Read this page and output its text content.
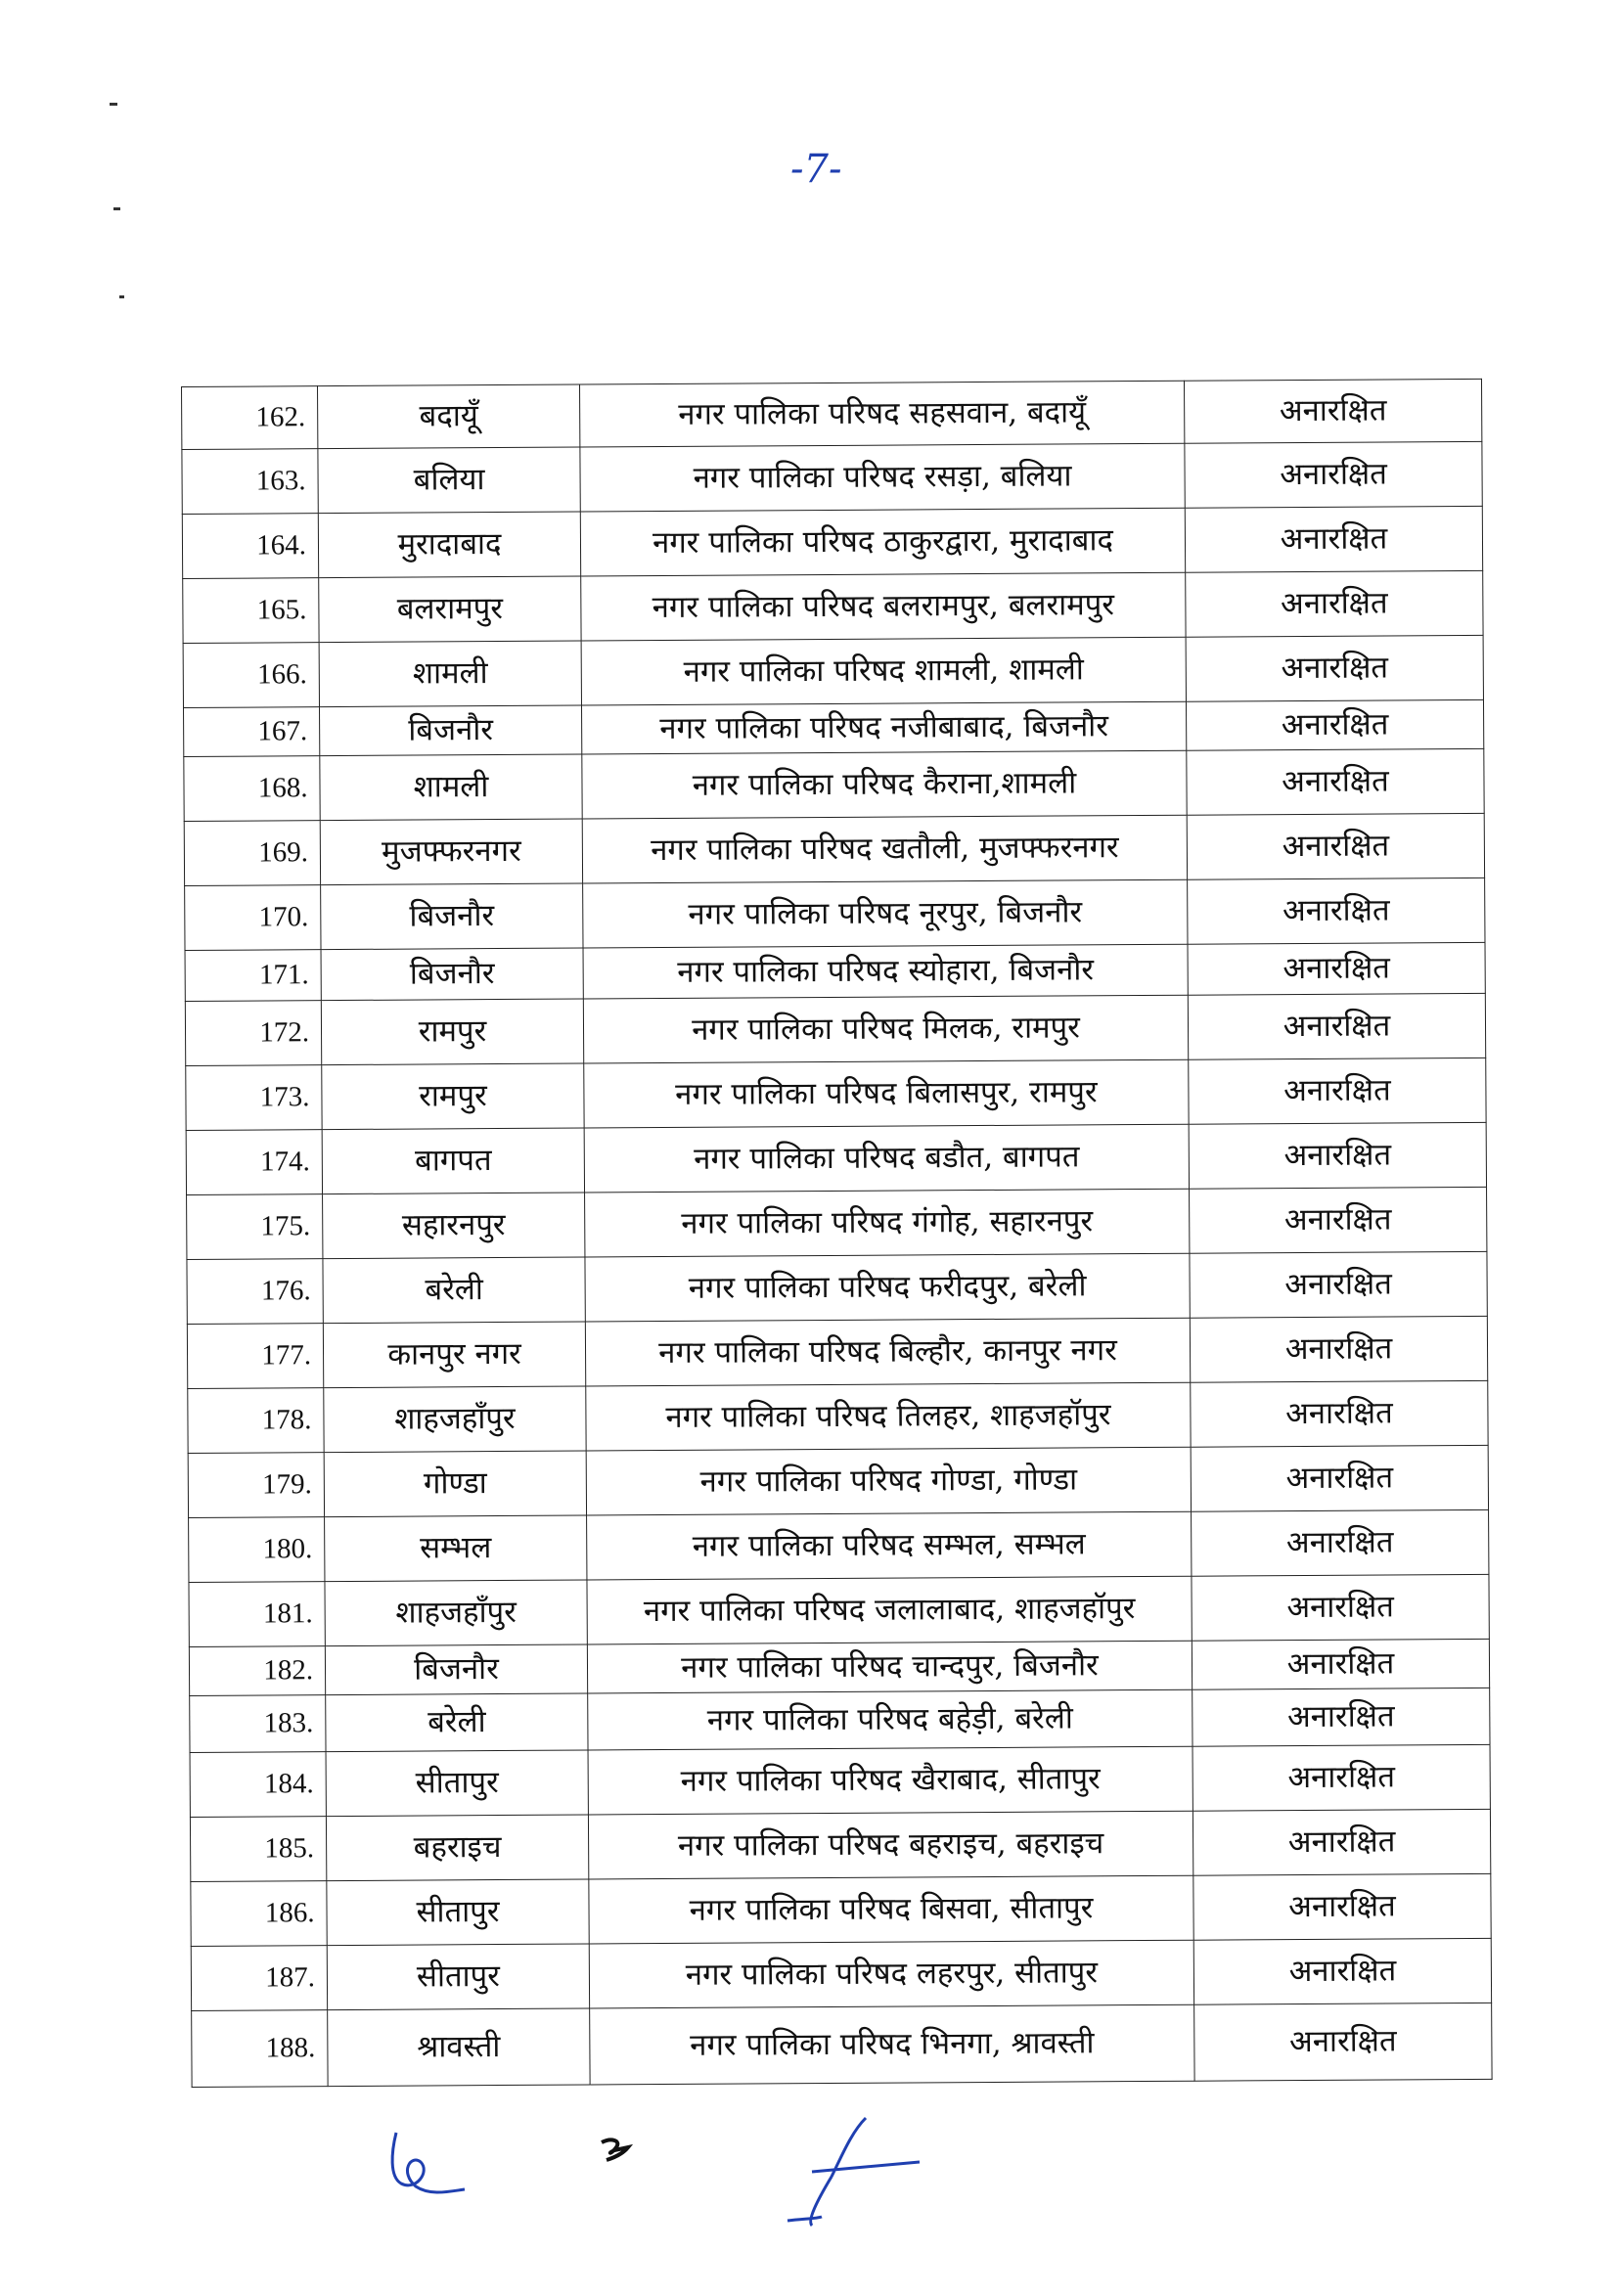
-7-
162.	बदायूँ	नगर पालिका परिषद सहसवान, बदायूँ	अनारक्षित
163.	बलिया	नगर पालिका परिषद रसड़ा, बलिया	अनारक्षित
164.	मुरादाबाद	नगर पालिका परिषद ठाकुरद्वारा, मुरादाबाद	अनारक्षित
165.	बलरामपुर	नगर पालिका परिषद बलरामपुर, बलरामपुर	अनारक्षित
166.	शामली	नगर पालिका परिषद शामली, शामली	अनारक्षित
167.	बिजनौर	नगर पालिका परिषद नजीबाबाद, बिजनौर	अनारक्षित
168.	शामली	नगर पालिका परिषद कैराना,शामली	अनारक्षित
169.	मुजफ्फरनगर	नगर पालिका परिषद खतौली, मुजफ्फरनगर	अनारक्षित
170.	बिजनौर	नगर पालिका परिषद नूरपुर, बिजनौर	अनारक्षित
171.	बिजनौर	नगर पालिका परिषद स्योहारा, बिजनौर	अनारक्षित
172.	रामपुर	नगर पालिका परिषद मिलक, रामपुर	अनारक्षित
173.	रामपुर	नगर पालिका परिषद बिलासपुर, रामपुर	अनारक्षित
174.	बागपत	नगर पालिका परिषद बडौत, बागपत	अनारक्षित
175.	सहारनपुर	नगर पालिका परिषद गंगोह, सहारनपुर	अनारक्षित
176.	बरेली	नगर पालिका परिषद फरीदपुर, बरेली	अनारक्षित
177.	कानपुर नगर	नगर पालिका परिषद बिल्हौर, कानपुर नगर	अनारक्षित
178.	शाहजहाँपुर	नगर पालिका परिषद तिलहर, शाहजहॉपुर	अनारक्षित
179.	गोण्डा	नगर पालिका परिषद गोण्डा, गोण्डा	अनारक्षित
180.	सम्भल	नगर पालिका परिषद सम्भल, सम्भल	अनारक्षित
181.	शाहजहाँपुर	नगर पालिका परिषद जलालाबाद, शाहजहॉपुर	अनारक्षित
182.	बिजनौर	नगर पालिका परिषद चान्दपुर, बिजनौर	अनारक्षित
183.	बरेली	नगर पालिका परिषद बहेड़ी, बरेली	अनारक्षित
184.	सीतापुर	नगर पालिका परिषद खैराबाद, सीतापुर	अनारक्षित
185.	बहराइच	नगर पालिका परिषद बहराइच, बहराइच	अनारक्षित
186.	सीतापुर	नगर पालिका परिषद बिसवा, सीतापुर	अनारक्षित
187.	सीतापुर	नगर पालिका परिषद लहरपुर, सीतापुर	अनारक्षित
188.	श्रावस्ती	नगर पालिका परिषद भिनगा, श्रावस्ती	अनारक्षित
